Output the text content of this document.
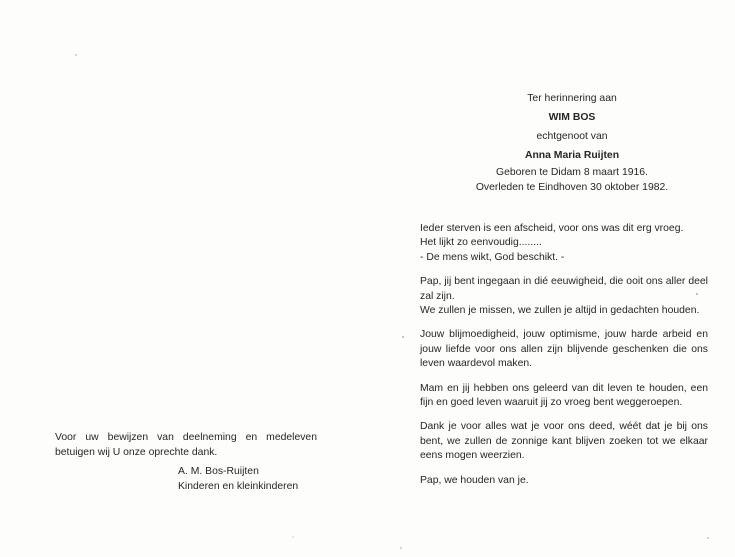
Voor uw bewijzen van deelneming en medeleven betuigen wij U onze oprechte dank.
A. M. Bos-Ruijten
Kinderen en kleinkinderen
Ter herinnering aan
WIM BOS
echtgenoot van
Anna Maria Ruijten
Geboren te Didam 8 maart 1916.
Overleden te Eindhoven 30 oktober 1982.

Ieder sterven is een afscheid, voor ons was dit erg vroeg.
Het lijkt zo eenvoudig........
- De mens wikt, God beschikt. -

Pap, jij bent ingegaan in dié eeuwigheid, die ooit ons aller deel zal zijn.
We zullen je missen, we zullen je altijd in gedachten houden.

Jouw blijmoedigheid, jouw optimisme, jouw harde arbeid en jouw liefde voor ons allen zijn blijvende geschenken die ons leven waardevol maken.

Mam en jij hebben ons geleerd van dit leven te houden, een fijn en goed leven waaruit jij zo vroeg bent weggeroepen.

Dank je voor alles wat je voor ons deed, wéét dat je bij ons bent, we zullen de zonnige kant blijven zoeken tot we elkaar eens mogen weerzien.

Pap, we houden van je.
